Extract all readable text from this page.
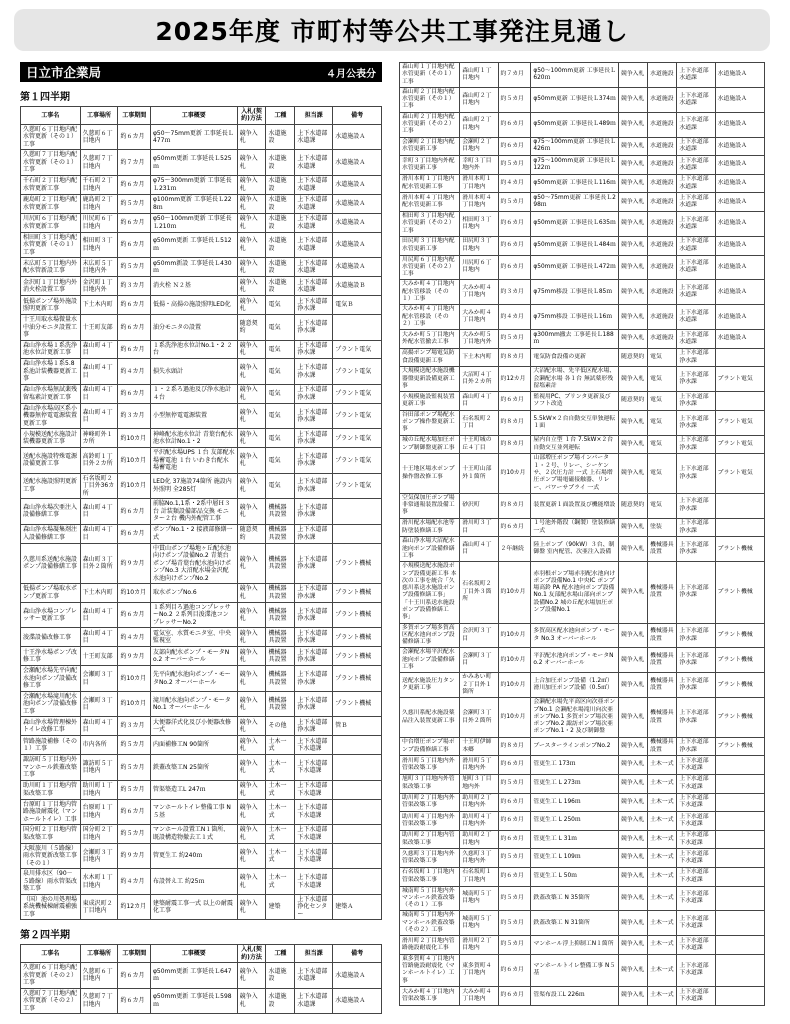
2025年度 市町村等公共工事発注見通し
日立市企業局	４月公表分
第１四半期
工事名	工事場所	工事期間	工事概要	入札(契約)方法	工種	担当課	備考
久慈町６丁目地内配水管更新（その１）工事	久慈町６丁目地内	約６カ月	φ50～75mm更新 工事延長Ｌ477ｍ	競争入札	水道施設	上下水道部水道課	水道施設Ａ
久慈町７丁目地内配水管更新（その１）工事	久慈町７丁目地内	約７カ月	φ50mm更新 工事延長Ｌ525ｍ	競争入札	水道施設	上下水道部水道課	水道施設Ａ
千石町２丁目地内配水管更新工事	千石町２丁目地内	約６カ月	φ75～300mm更新 工事延長Ｌ231ｍ	競争入札	水道施設	上下水道部水道課	水道施設Ａ
鹿島町２丁目地内配水管更新工事	鹿島町２丁目地内	約５カ月	φ100mm更新 工事延長Ｌ228ｍ	競争入札	水道施設	上下水道部水道課	水道施設Ａ
川尻町６丁目地内配水管更新工事	川尻町６丁目地内	約６カ月	φ50～100mm更新 工事延長Ｌ210ｍ	競争入札	水道施設	上下水道部水道課	水道施設Ａ
相田町３丁目地内配水管更新（その１）工事	相田町３丁目地内	約６カ月	φ50mm更新 工事延長Ｌ512ｍ	競争入札	水道施設	上下水道部水道課	水道施設Ａ
末広町５丁目地内外配水管新設工事	末広町５丁目地内外	約５カ月	φ50mm新設 工事延長Ｌ430ｍ	競争入札	水道施設	上下水道部水道課	水道施設Ａ
金沢町１丁目地内外消火栓設置工事	金沢町１丁目地内外	約３カ月	消火栓 Ｎ２基	競争入札	水道施設	上下水道部水道課	水道施設Ｂ
低揚ポンプ場外施設照明更新工事	下土木内町	約６カ月	低揚・高揚の施設照明LED化	競争入札	電気	上下水道部浄水課	電気Ｂ
十王川取水場微量水中油分モニタ設置工事	十王町友部	約６カ月	油分モニタの設置	随意契約	電気	上下水道部浄水課	
森山浄水場１系洗浄池水位計更新工事	森山町４丁目	約６カ月	１系洗浄池水位計No.1・2 ２台	競争入札	電気	上下水道部浄水課	プラント電気
森山浄水場１系5.8系池計装機器更新工事	森山町４丁目	約４カ月	損失水頭計	競争入札	電気	上下水道部浄水課	プラント電気
森山浄水場無試薬残留塩素計更新工事	森山町４丁目	約６カ月	１・２系ろ過池及び浄水池計４台	競争入札	電気	上下水道部浄水課	プラント電気
森山浄水場高区系小機器無停電電源装置更新工事	森山町４丁目	約３カ月	小型無停電電源装置	競争入札	電気	上下水道部浄水課	プラント電気
小規模送配水施設計装機器更新工事	神峰町外１カ所	約10カ月	神峰配水池水位計 青葉台配水池水位計No.1・2	競争入札	電気	上下水道部浄水課	プラント電気
送配水施設特殊電源設備更新工事	高鈴町１丁目外２カ所	約10カ月	平沢配水場UPS １台 友部配水場蓄電池 １台 いわき台配水場蓄電池	競争入札	電気	上下水道部浄水課	プラント電気
送配水施設照明更新工事	石名坂町２丁目外36カ所	約10カ月	LED化 37施設74箇所 施設内外照明 全285灯	競争入札	電気	上下水道部浄水課	プラント電気
森山浄水場次亜注入設備修繕工事	森山町４丁目	約６カ月	前脇No.1,1系・2系中層Ｈ３台 計装類設備部品交換 モニター２台 機内外配管工事	競争入札	機械器具設置	上下水道部浄水課	
森山浄水場凝集剤注入設備修繕工事	森山町４丁目	約６カ月	ポンプNo.1・2 接液部修繕一式	随意契約	機械器具設置	上下水道部浄水課	
久慈川系送配水施設ポンプ設備修繕工事	森山町３丁目外２箇所	約９カ月	中貫山ポンプ場地ヶ丘配水池向けポンプ設備No.2 青葉台ポンプ場青葉台配水池向けポンプNo.3 大沼配水場金沢配水池向けポンプNo.2	競争入札	機械器具設置	上下水道部浄水課	プラント機械
低揚ポンプ場取水ポンプ更新工事	下土木内町	約10カ月	取水ポンプNo.6	競争入札	機械器具設置	上下水道部浄水課	プラント機械
森山浄水場コンプレッサー更新工事	森山町４丁目	約６カ月	１系列目ろ過池コンプレッサーNo.2 ２系列目浚渫池コンプレッサーNo.2	競争入札	機械器具設置	上下水道部浄水課	プラント機械
浚渫設備改修工事	森山町４丁目	約４カ月	電気室、水質モニタ室、中央監視室	競争入札	機械器具設置	上下水道部浄水課	プラント機械
十王浄水場ポンプ改修工事	十王町友部	約９カ月	友部向配水ポンプ・モータNo.2 オーバーホール	競争入札	機械器具設置	上下水道部浄水課	プラント機械
会瀬配水場先平向配水池向ポンプ設備改修工事	会瀬町３丁目	約10カ月	先平向配水池向ポンプ・モータNo.2 オーバーホール	競争入札	機械器具設置	上下水道部浄水課	プラント機械
会瀬配水場滝川配水池向ポンプ設備改修工事	会瀬町３丁目	約10カ月	滝川配水池向ポンプ・モータNo.1 オーバーホール	競争入札	機械器具設置	上下水道部浄水課	プラント機械
森山浄水場管理棟外トイレ改修工事	森山町４丁目	約３カ月	大便器洋式化及び小便器改修 一式	競争入札	その他	上下水道部浄水課	管Ｂ
管路施設補修（その１）工事	市内各所	約５カ月	内面補修工N 90箇所	競争入札	土木一式	上下水道部下水道課	
諏訪町５丁目地内外マンホール鉄蓋改築工事	諏訪町５丁目地内	約５カ月	鉄蓋改築工N 25箇所	競争入札	土木一式	上下水道部下水道課	
助川町１丁目地内管渠改築工事	助川町１丁目地内	約５カ月	管渠築造工L 247ｍ	競争入札	土木一式	上下水道部下水道課	
台原町１丁目地内管路施設耐震化（マンホールトイレ）工事	台原町１丁目地内	約６カ月	マンホールトイレ整備工事 N５基	競争入札	土木一式	上下水道部下水道課	
国分町２丁目地内管渠改築工事	国分町２丁目地内	約５カ月	マンホール設置工N１箇所、既設構造物撤去工１式	競争入札	土木一式	上下水道部下水道課	
大阪旅川（５路線）雨水管更新改築工事（その１）	会瀬町３丁目地内	約９カ月	管更生工 約240ｍ	競争入札	土木一式	上下水道部下水道課	
泉川排水区（90－５路線）雨水管渠改築工事	水木町１丁目地内	約４カ月	布設替え工 約25ｍ	競争入札	土木一式	上下水道部下水道課	
（国）池の川処理場系統機械棟耐震補強工事	東成沢町２丁目地内	約12カ月	建築耐震工事一式 以上の耐震化工事	競争入札	建築	上下水道部浄化センター	建築Ａ
第２四半期
工事名	工事場所	工事期間	工事概要	入札(契約)方法	工種	担当課	備考
久慈町６丁目地内配水管更新（その２）工事	久慈町６丁目地内	約６カ月	φ50mm更新 工事延長Ｌ647ｍ	競争入札	水道施設	上下水道部水道課	水道施設Ａ
久慈町７丁目地内配水管更新（その２）工事	久慈町７丁目地内	約６カ月	φ50mm更新 工事延長Ｌ598ｍ	競争入札	水道施設	上下水道部水道課	水道施設Ａ
森山町１丁目地内配水管更新（その１）工事	森山町１丁目地内	約７カ月	φ50～100mm更新 工事延長Ｌ620ｍ	競争入札	水道施設	上下水道部水道課	水道施設Ａ
森山町２丁目地内配水管更新（その１）工事	森山町２丁目地内	約５カ月	φ50mm更新 工事延長Ｌ374ｍ	競争入札	水道施設	上下水道部水道課	水道施設Ａ
森山町２丁目地内配水管更新（その２）工事	森山町２丁目地内	約６カ月	φ50mm更新 工事延長Ｌ489ｍ	競争入札	水道施設	上下水道部水道課	水道施設Ａ
会瀬町２丁目地内配水管更新工事	会瀬町２丁目地内	約６カ月	φ75～100mm更新 工事延長Ｌ426ｍ	競争入札	水道施設	上下水道部水道課	水道施設Ａ
幸町３丁目地内外配水管更新工事	幸町３丁目地内外	約５カ月	φ75～100mm更新 工事延長Ｌ122ｍ	競争入札	水道施設	上下水道部水道課	水道施設Ａ
滑川本町１丁目地内配水管更新工事	滑川本町１丁目地内	約４カ月	φ50mm更新 工事延長Ｌ116ｍ	競争入札	水道施設	上下水道部水道課	水道施設Ａ
滑川本町４丁目地内配水管更新工事	滑川本町４丁目地内	約５カ月	φ50～75mm更新 工事延長Ｌ298ｍ	競争入札	水道施設	上下水道部水道課	水道施設Ａ
相田町３丁目地内配水管更新（その２）工事	相田町３丁目地内	約６カ月	φ50mm更新 工事延長Ｌ635ｍ	競争入札	水道施設	上下水道部水道課	水道施設Ａ
田尻町３丁目地内配水管更新工事	田尻町３丁目地内	約６カ月	φ50mm更新 工事延長Ｌ484ｍ	競争入札	水道施設	上下水道部水道課	水道施設Ａ
川尻町６丁目地内配水管更新（その２）工事	川尻町６丁目地内	約６カ月	φ50mm更新 工事延長Ｌ472ｍ	競争入札	水道施設	上下水道部水道課	水道施設Ａ
大みか町４丁目地内配水管移設（その１）工事	大みか町４丁目地内	約３カ月	φ75mm移設 工事延長Ｌ85ｍ	競争入札	水道施設	上下水道部水道課	水道施設Ａ
大みか町４丁目地内配水管移設（その２）工事	大みか町４丁目地内	約４カ月	φ75mm移設 工事延長Ｌ16ｍ	競争入札	水道施設	上下水道部水道課	水道施設Ａ
大みか町５丁目地内外配水管撤去工事	大みか町５丁目地内外	約５カ月	φ300mm撤去 工事延長Ｌ188ｍ	競争入札	水道施設	上下水道部水道課	水道施設Ａ
高揚ポンプ場電気防食設備更新工事	下土木内町	約８カ月	電気防食設備の更新	随意契約	電気	上下水道部浄水課	
大規模送配水施設機器盤更新設備更新工事	大沼町４丁目外２カ所	約12カ月	大沼配水場、先平低区配水場、会瀬配水場 各１台 無試薬形残留塩素計	競争入札	電気	上下水道部浄水課	プラント電気
小規模施設監視装置更新工事	森山町４丁目	約６カ月	監視用PC、プリンタ更新及びソフト改造	随意契約	電気	上下水道部浄水課	
谷田部ポンプ場配水ポンプ操作盤更新工事	石名坂町２丁目	約８カ月	5.5kW×２台自動交互単独運転 １面	競争入札	電気	上下水道部浄水課	プラント電気
城の丘配水場加圧ポンプ制御盤更新工事	十王町城の丘４丁目	約８カ月	屋内自立型 １台 7.5kW×２台自動交互並列運転	競争入札	電気	上下水道部浄水課	プラント電気
十王地区場水ポンプ操作盤改修工事	十王町山部外１箇所	約10カ月	山部増圧ポンプ場インバータ１・２号、リレー、シーケンサ、２次圧力計 一式 上石場増圧ポンプ場電磁接触器、リレー、パワーサプライ 一式	競争入札	電気	上下水道部浄水課	プラント電気
空気保加圧ポンプ場非常通報装置設備工事	砂沢町	約８カ月	装置更新１面設置及び機能増設	随意契約	電気	上下水道部浄水課	
滑川配水場配水池等防塗装修繕工事	滑川町３丁目	約６カ月	１号池外階段（鋼製）塗装修繕一式	競争入札	塗装	上下水道部浄水課	
森山浄水場大沼配水池向ポンプ設備修繕工事	森山町４丁目	２年継続	陸上ポンプ（90kW）３台、制御盤 室内配管、次亜注入設備	競争入札	機械器具設置	上下水道部浄水課	プラント機械
小規模送配水施設ポンプ設備更新工事 本次の工事を統合「久慈川系送水施設ポンプ設備修繕工事」「十王川系送水施設ポンプ設備修繕工事」	石名坂町２丁目外３箇所	約10カ月	赤羽根ポンプ場赤羽配水池向けポンプ設備No.1 中央IC ポンプ場高鈴 PA 配水池向ポンプ設備No.1 友部配水場山部向ポンプ設備No.2 城の丘配水場加圧ポンプ設備No.1	競争入札	機械器具設置	上下水道部浄水課	プラント機械
多賀ポンプ場多賀高区配水池向ポンプ設備修繕工事	会沢町３丁目	約10カ月	多賀高区配水池向ポンプ・モータ No.3 オーバーホール	競争入札	機械器具設置	上下水道部浄水課	プラント機械
会瀬配水場平沢配水池向ポンプ設備修繕工事	会瀬町３丁目	約10カ月	平沢配水池向ポンプ・モータNo.2 オーバーホール	競争入札	機械器具設置	上下水道部浄水課	プラント機械
送配水施設圧力タンク更新工事	かみあい町２丁目外１箇所	約10カ月	上合加圧ポンプ設備（1.2㎥） 滑川加圧ポンプ設備（0.5㎥）	競争入札	機械器具設置	上下水道部浄水課	プラント機械
久慈川系配水施設薬品注入装置更新工事	会瀬町３丁目外２箇所	約10カ月	会瀬配水場先平高区向次亜ポンプNo.1 会瀬配水場滝川向次亜ポンプNo.1 多賀ポンプ場次亜ポンプNo.2 諏訪ポンプ場次亜ポンプNo.1・2 及び制御盤	競争入札	機械器具設置	上下水道部浄水課	プラント機械
中台増圧ポンプ場ポンプ設備修繕工事	十王町伊師本郷	約８カ月	ブースターラインポンプNo.2	競争入札	機械器具設置	上下水道部浄水課	プラント機械
滑川町５丁目地内外管渠改築工事	滑川町５丁目地内外	約６カ月	管更生工 173ｍ	競争入札	土木一式	上下水道部下水道課	
旭町３丁目地内外管渠改築工事	旭町３丁目地内外	約５カ月	管更生工 L 273ｍ	競争入札	土木一式	上下水道部下水道課	
助川町２丁目地内外管渠改築工事	助川町２丁目地内外	約６カ月	管更生工 L 196ｍ	競争入札	土木一式	上下水道部下水道課	
助川町４丁目地内外管渠改築工事	助川町４丁目地内外	約６カ月	管更生工 L 250ｍ	競争入札	土木一式	上下水道部下水道課	
助川町２丁目地内管渠改築工事	助川町２丁目地内	約６カ月	管更生工 L 31ｍ	競争入札	土木一式	上下水道部下水道課	
久慈町３丁目地内外管渠改築工事	久慈町３丁目地内外	約５カ月	管更生工 L 109ｍ	競争入札	土木一式	上下水道部下水道課	
石名坂町１丁目地内管渠改築工事	石名坂町１丁目地内	約６カ月	管更生工 L 50ｍ	競争入札	土木一式	上下水道部下水道課	
城南町５丁目地内外マンホール鉄蓋改築（その１）工事	城南町５丁目地内	約５カ月	鉄蓋改築工 N 35箇所	競争入札	土木一式	上下水道部下水道課	
城南町５丁目地内外マンホール鉄蓋改築（その２）工事	城南町５丁目地内	約５カ月	鉄蓋改築工 N 31箇所	競争入札	土木一式	上下水道部下水道課	
滑川町２丁目地内管路施設耐震化工事	滑川町２丁目地内	約５カ月	マンホール浮上抑制工N１箇所	競争入札	土木一式	上下水道部下水道課	
東多賀町４丁目地内管路施設耐震化（マンホールトイレ）工事	東多賀町４丁目地内	約６カ月	マンホールトイレ整備工事 N５基	競争入札	土木一式	上下水道部下水道課	
大みか町４丁目地内管渠改築工事	大みか町４丁目地内	約６カ月	管渠布設工L 226ｍ	競争入札	土木一式	上下水道部下水道課	
